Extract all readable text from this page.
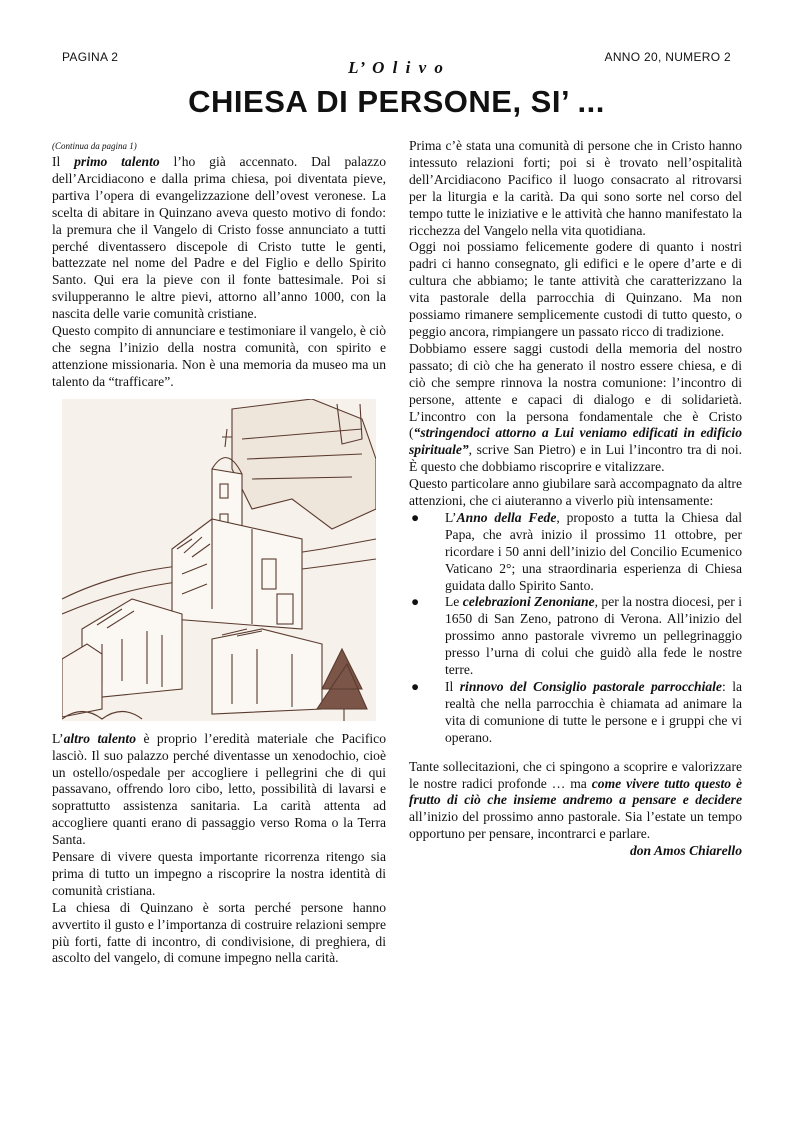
PAGINA 2
L’ O l i v o
ANNO 20, NUMERO 2
CHIESA DI PERSONE, SI’ ...

(Continua da pagina 1)

Il primo talento l’ho già accennato. Dal palazzo dell’Arcidiacono e dalla prima chiesa, poi diventata pieve, partiva l’opera di evangelizzazione dell’ovest veronese. La scelta di abitare in Quinzano aveva questo motivo di fondo: la premura che il Vangelo di Cristo fosse annunciato a tutti perché diventassero discepole di Cristo tutte le genti, battezzate nel nome del Padre e del Figlio e dello Spirito Santo. Qui era la pieve con il fonte battesimale. Poi si svilupperanno le altre pievi, attorno all’anno 1000, con la nascita delle varie comunità cristiane.

Questo compito di annunciare e testimoniare il vangelo, è ciò che segna l’inizio della nostra comunità, con spirito e attenzione missionaria. Non è una memoria da museo ma un talento da “trafficare”.

L’altro talento è proprio l’eredità materiale che Pacifico lasciò. Il suo palazzo perché diventasse un xenodochio, cioè un ostello/ospedale per accogliere i pellegrini che di qui passavano, offrendo loro cibo, letto, possibilità di lavarsi e soprattutto assistenza sanitaria. La carità attenta ad accogliere quanti erano di passaggio verso Roma o la Terra Santa.

Pensare di vivere questa importante ricorrenza ritengo sia prima di tutto un impegno a riscoprire la nostra identità di comunità cristiana.

La chiesa di Quinzano è sorta perché persone hanno avvertito il gusto e l’importanza di costruire relazioni sempre più forti, fatte di incontro, di condivisione, di preghiera, di ascolto del vangelo, di comune impegno nella carità.

Prima c’è stata una comunità di persone che in Cristo hanno intessuto relazioni forti; poi si è trovato nell’ospitalità dell’Arcidiacono Pacifico il luogo consacrato al ritrovarsi per la liturgia e la carità. Da qui sono sorte nel corso del tempo tutte le iniziative e le attività che hanno manifestato la ricchezza del Vangelo nella vita quotidiana.

Oggi noi possiamo felicemente godere di quanto i nostri padri ci hanno consegnato, gli edifici e le opere d’arte e di cultura che abbiamo; le tante attività che caratterizzano la vita pastorale della parrocchia di Quinzano. Ma non possiamo rimanere semplicemente custodi di tutto questo, o peggio ancora, rimpiangere un passato ricco di tradizione.

Dobbiamo essere saggi custodi della memoria del nostro passato; di ciò che ha generato il nostro essere chiesa, e di ciò che sempre rinnova la nostra comunione: l’incontro di persone, attente e capaci di dialogo e di solidarietà. L’incontro con la persona fondamentale che è Cristo (“stringendoci attorno a Lui veniamo edificati in edificio spirituale”, scrive San Pietro) e in Lui l’incontro tra di noi. È questo che dobbiamo riscoprire e vitalizzare.

Questo particolare anno giubilare sarà accompagnato da altre attenzioni, che ci aiuteranno a viverlo più intensamente:

● L’Anno della Fede, proposto a tutta la Chiesa dal Papa, che avrà inizio il prossimo 11 ottobre, per ricordare i 50 anni dell’inizio del Concilio Ecumenico Vaticano 2°; una straordinaria esperienza di Chiesa guidata dallo Spirito Santo.
● Le celebrazioni Zenoniane, per la nostra diocesi, per i 1650 di San Zeno, patrono di Verona. All’inizio del prossimo anno pastorale vivremo un pellegrinaggio presso l’urna di colui che guidò alla fede le nostre terre.
● Il rinnovo del Consiglio pastorale parrocchiale: la realtà che nella parrocchia è chiamata ad animare la vita di comunione di tutte le persone e i gruppi che vi operano.

Tante sollecitazioni, che ci spingono a scoprire e valorizzare le nostre radici profonde … ma come vivere tutto questo è frutto di ciò che insieme andremo a pensare e decidere all’inizio del prossimo anno pastorale. Sia l’estate un tempo opportuno per pensare, incontrarci e parlare.

don Amos Chiarello
